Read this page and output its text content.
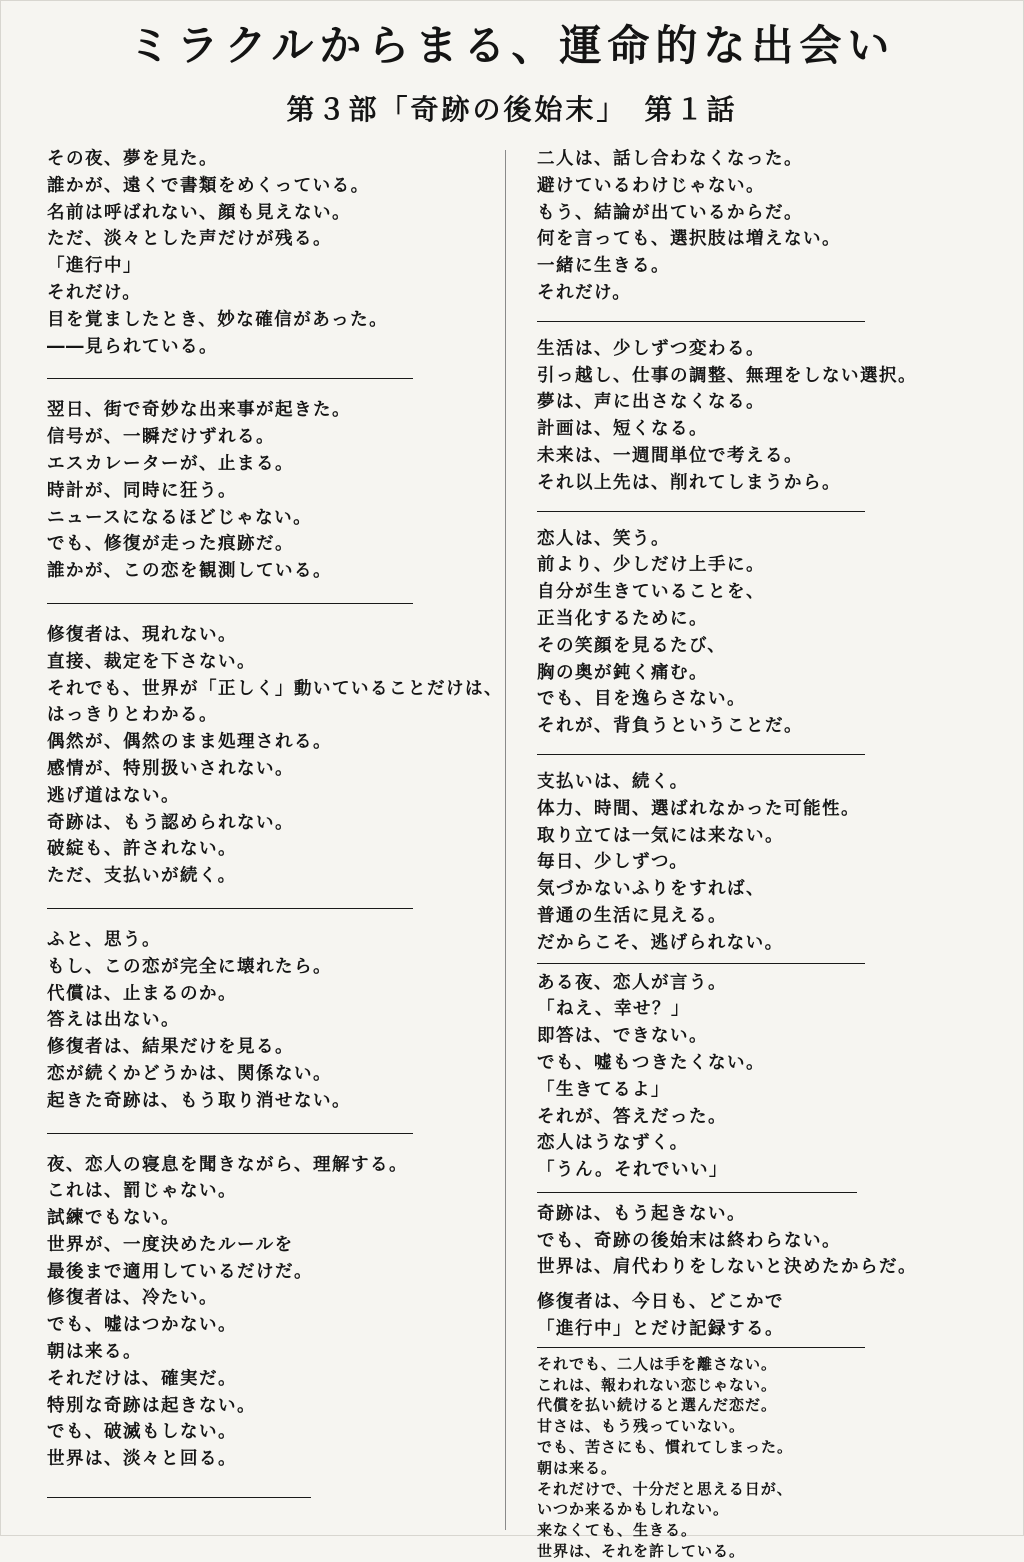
ミラクルからまる、運命的な出会い
第３部「奇跡の後始末」　第１話
その夜、夢を見た。
誰かが、遠くで書類をめくっている。
名前は呼ばれない、顔も見えない。
ただ、淡々とした声だけが残る。
「進行中」
それだけ。
目を覚ましたとき、妙な確信があった。
――見られている。
翌日、街で奇妙な出来事が起きた。
信号が、一瞬だけずれる。
エスカレーターが、止まる。
時計が、同時に狂う。
ニュースになるほどじゃない。
でも、修復が走った痕跡だ。
誰かが、この恋を観測している。
修復者は、現れない。
直接、裁定を下さない。
それでも、世界が「正しく」動いていることだけは、
はっきりとわかる。
偶然が、偶然のまま処理される。
感情が、特別扱いされない。
逃げ道はない。
奇跡は、もう認められない。
破綻も、許されない。
ただ、支払いが続く。
ふと、思う。
もし、この恋が完全に壊れたら。
代償は、止まるのか。
答えは出ない。
修復者は、結果だけを見る。
恋が続くかどうかは、関係ない。
起きた奇跡は、もう取り消せない。
夜、恋人の寝息を聞きながら、理解する。
これは、罰じゃない。
試練でもない。
世界が、一度決めたルールを
最後まで適用しているだけだ。
修復者は、冷たい。
でも、嘘はつかない。
朝は来る。
それだけは、確実だ。
特別な奇跡は起きない。
でも、破滅もしない。
世界は、淡々と回る。
二人は、話し合わなくなった。
避けているわけじゃない。
もう、結論が出ているからだ。
何を言っても、選択肢は増えない。
一緒に生きる。
それだけ。
生活は、少しずつ変わる。
引っ越し、仕事の調整、無理をしない選択。
夢は、声に出さなくなる。
計画は、短くなる。
未来は、一週間単位で考える。
それ以上先は、削れてしまうから。
恋人は、笑う。
前より、少しだけ上手に。
自分が生きていることを、
正当化するために。
その笑顔を見るたび、
胸の奥が鈍く痛む。
でも、目を逸らさない。
それが、背負うということだ。
支払いは、続く。
体力、時間、選ばれなかった可能性。
取り立ては一気には来ない。
毎日、少しずつ。
気づかないふりをすれば、
普通の生活に見える。
だからこそ、逃げられない。
ある夜、恋人が言う。
「ねえ、幸せ？」
即答は、できない。
でも、嘘もつきたくない。
「生きてるよ」
それが、答えだった。
恋人はうなずく。
「うん。それでいい」
奇跡は、もう起きない。
でも、奇跡の後始末は終わらない。
世界は、肩代わりをしないと決めたからだ。
修復者は、今日も、どこかで
「進行中」とだけ記録する。
それでも、二人は手を離さない。
これは、報われない恋じゃない。
代償を払い続けると選んだ恋だ。
甘さは、もう残っていない。
でも、苦さにも、慣れてしまった。
朝は来る。
それだけで、十分だと思える日が、
いつか来るかもしれない。
来なくても、生きる。
世界は、それを許している。
